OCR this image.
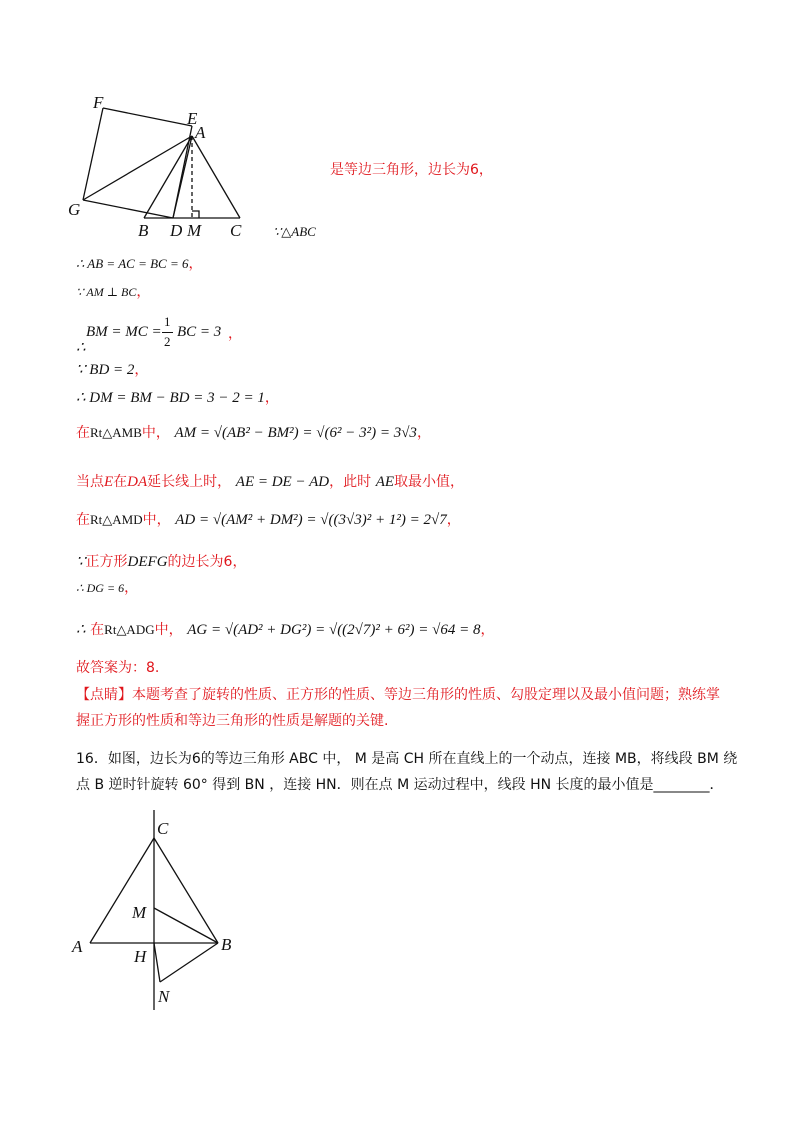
F
E
A
G
B D M C
是等边三角形，边长为6，
∵△ABC
∴ AB = AC = BC = 6，
∵ AM ⊥ BC，
∴
BM = MC =
1
2
BC = 3 ，
∵ BD = 2，
∴ DM = BM − BD = 3 − 2 = 1，
在Rt△AMB中， AM = √(AB² − BM²) = √(6² − 3²) = 3√3，
当点E在DA延长线上时， AE = DE − AD，此时 AE取最小值，
在Rt△AMD中， AD = √(AM² + DM²) = √((3√3)² + 1²) = 2√7，
∵正方形DEFG的边长为6，
∴ DG = 6，
∴ 在Rt△ADG中， AG = √(AD² + DG²) = √((2√7)² + 6²) = √64 = 8，
故答案为：8.
【点睛】本题考查了旋转的性质、正方形的性质、等边三角形的性质、勾股定理以及最小值问题；熟练掌
握正方形的性质和等边三角形的性质是解题的关键.
16．如图，边长为6的等边三角形 ABC 中， M 是高 CH 所在直线上的一个动点，连接 MB，将线段 BM 绕
点 B 逆时针旋转 60° 得到 BN ，连接 HN．则在点 M 运动过程中，线段 HN 长度的最小值是________．
C
M
A	B
H
N
